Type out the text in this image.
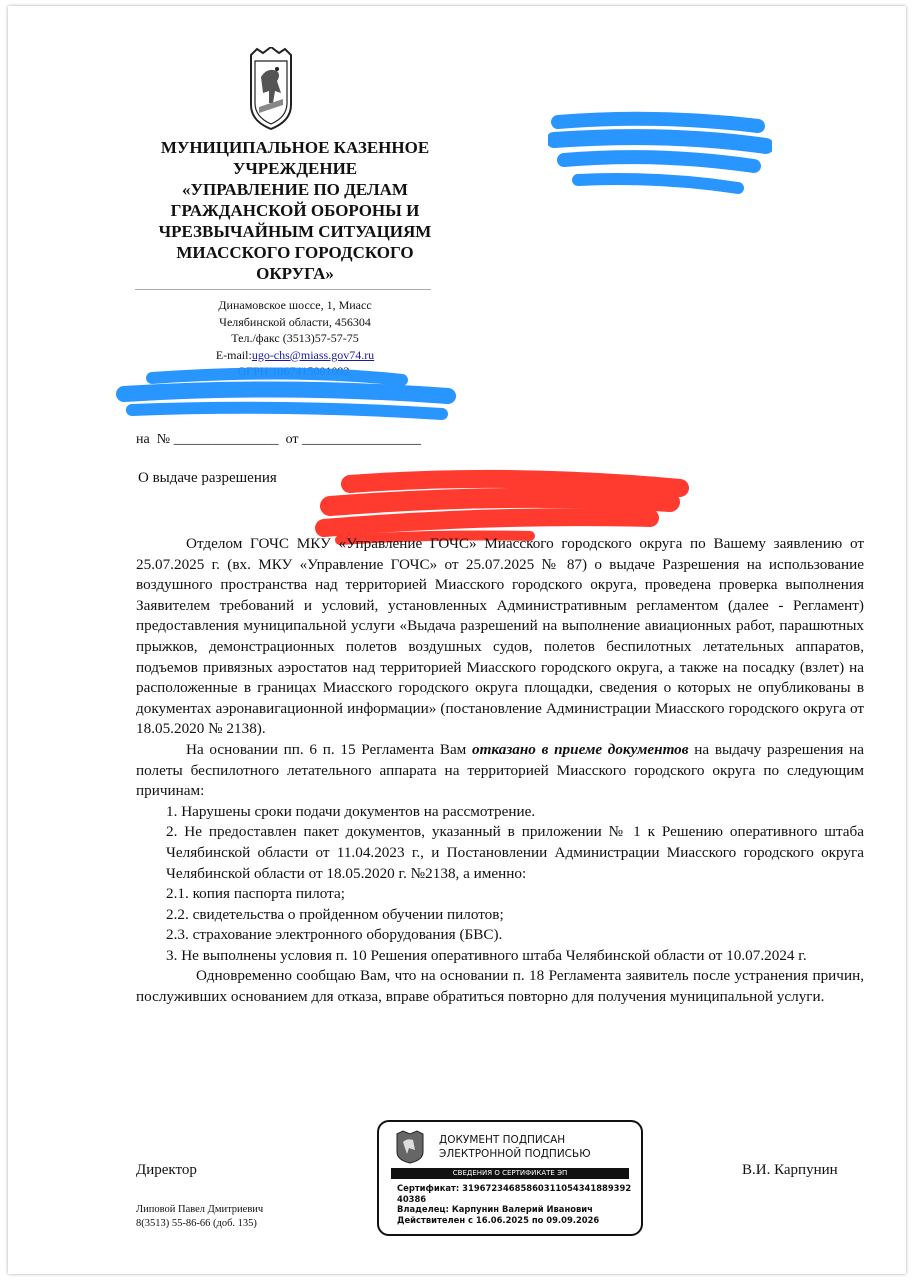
МУНИЦИПАЛЬНОЕ КАЗЕННОЕ
УЧРЕЖДЕНИЕ
«УПРАВЛЕНИЕ ПО ДЕЛАМ
ГРАЖДАНСКОЙ ОБОРОНЫ И
ЧРЕЗВЫЧАЙНЫМ СИТУАЦИЯМ
МИАССКОГО ГОРОДСКОГО
ОКРУГА»
Динамовское шоссе, 1, Миасс
Челябинской области, 456304
Тел./факс (3513)57-57-75
E-mail:ugo-chs@miass.gov74.ru
ОГРН 1067415001092,
на  № _______________  от _________________
О выдаче разрешения

Отделом ГОЧС МКУ «Управление ГОЧС» Миасского городского округа по Вашему заявлению от 25.07.2025 г. (вх. МКУ «Управление ГОЧС» от 25.07.2025 № 87) о выдаче Разрешения на использование воздушного пространства над территорией Миасского городского округа, проведена проверка выполнения Заявителем требований и условий, установленных Административным регламентом (далее - Регламент) предоставления муниципальной услуги «Выдача разрешений на выполнение авиационных работ, парашютных прыжков, демонстрационных полетов воздушных судов, полетов беспилотных летательных аппаратов, подъемов привязных аэростатов над территорией Миасского городского округа, а также на посадку (взлет) на расположенные в границах Миасского городского округа площадки, сведения о которых не опубликованы в документах аэронавигационной информации» (постановление Администрации Миасского городского округа от 18.05.2020 № 2138).

На основании пп. 6 п. 15 Регламента Вам отказано в приеме документов на выдачу разрешения на полеты беспилотного летательного аппарата на территорией Миасского городского округа по следующим причинам:

1. Нарушены сроки подачи документов на рассмотрение.

2. Не предоставлен пакет документов, указанный в приложении № 1 к Решению оперативного штаба Челябинской области от 11.04.2023 г., и Постановлении Администрации Миасского городского округа Челябинской области от 18.05.2020 г. №2138, а именно:

2.1. копия паспорта пилота;

2.2. свидетельства о пройденном обучении пилотов;

2.3. страхование электронного оборудования (БВС).

3. Не выполнены условия п. 10 Решения оперативного штаба Челябинской области от 10.07.2024 г.

Одновременно сообщаю Вам, что на основании п. 18 Регламента заявитель после устранения причин, послуживших основанием для отказа, вправе обратиться повторно для получения муниципальной услуги.

Директор	В.И. Карпунин
ДОКУМЕНТ ПОДПИСАН
ЭЛЕКТРОННОЙ ПОДПИСЬЮ
СВЕДЕНИЯ О СЕРТИФИКАТЕ ЭП
Сертификат: 319672346858603110543418893​92
40386
Владелец: Карпунин Валерий Иванович
Действителен с 16.06.2025 по 09.09.2026
Липовой Павел Дмитриевич
8(3513) 55-86-66 (доб. 135)
